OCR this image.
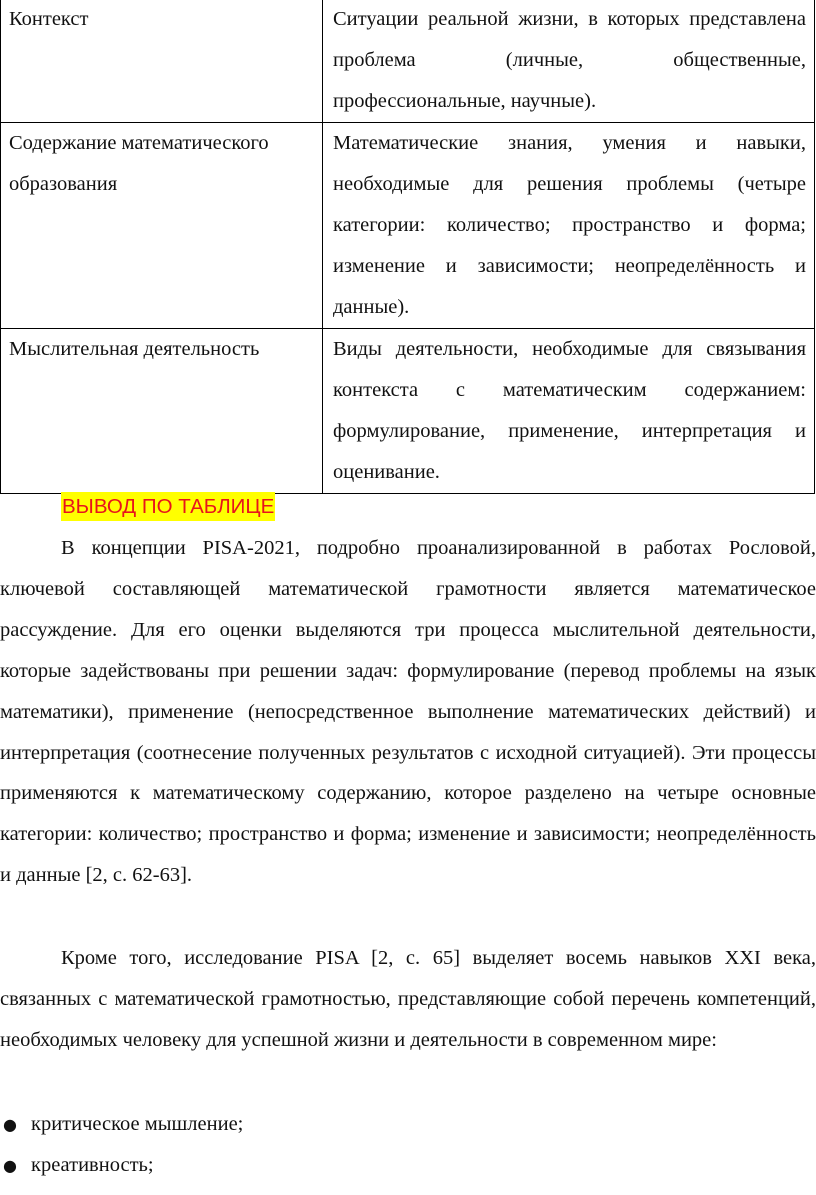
Контекст	Ситуации реальной жизни, в которых представлена проблема (личные, общественные, профессиональные, научные).
Содержание математического образования	Математические знания, умения и навыки, необходимые для решения проблемы (четыре категории: количество; пространство и форма; изменение и зависимости; неопределённость и данные).
Мыслительная деятельность	Виды деятельности, необходимые для связывания контекста с математическим содержанием: формулирование, применение, интерпретация и оценивание.
ВЫВОД ПО ТАБЛИЦЕ

В концепции PISA-2021, подробно проанализированной в работах Рословой, ключевой составляющей математической грамотности является математическое рассуждение. Для его оценки выделяются три процесса мыслительной деятельности, которые задействованы при решении задач: формулирование (перевод проблемы на язык математики), применение (непосредственное выполнение математических действий) и интерпретация (соотнесение полученных результатов с исходной ситуацией). Эти процессы применяются к математическому содержанию, которое разделено на четыре основные категории: количество; пространство и форма; изменение и зависимости; неопределённость и данные [2, с. 62-63].

Кроме того, исследование PISA [2, с. 65] выделяет восемь навыков XXI века, связанных с математической грамотностью, представляющие собой перечень компетенций, необходимых человеку для успешной жизни и деятельности в современном мире:

● критическое мышление;
● креативность;
